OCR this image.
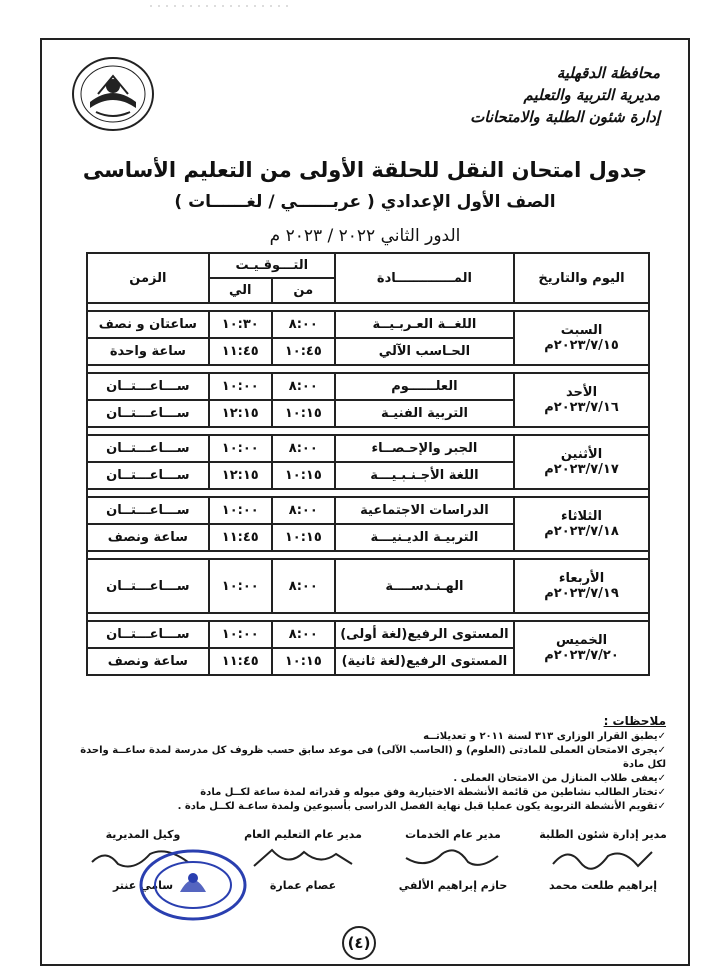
محافظة الدقهلية
مديرية التربية والتعليم
إدارة شئون الطلبة والامتحانات
جدول امتحان النقل للحلقة الأولى من التعليم الأساسى
الصف الأول الإعدادي ( عربــــــي / لغــــــات )
الدور الثاني ٢٠٢٢ / ٢٠٢٣ م
اليوم والتاريخ	المـــــــــــــادة	التـــوقـيـت		الزمن
		من	الي	

السبت
٢٠٢٣/٧/١٥م	اللغــة العـربـيــة	٨:٠٠	١٠:٣٠	ساعتان و نصف
	الحـاسب الآلي	١٠:٤٥	١١:٤٥	ساعة واحدة

الأحد
٢٠٢٣/٧/١٦م	العلــــــوم	٨:٠٠	١٠:٠٠	ســـاعـــتــان
	التربية الفنيـة	١٠:١٥	١٢:١٥	ســـاعـــتــان

الأثنين
٢٠٢٣/٧/١٧م	الجبر والإحـصــاء	٨:٠٠	١٠:٠٠	ســـاعـــتــان
	اللغة الأجـنـبـيـــة	١٠:١٥	١٢:١٥	ســـاعـــتــان

الثلاثاء
٢٠٢٣/٧/١٨م	الدراسات الاجتماعية	٨:٠٠	١٠:٠٠	ســـاعـــتــان
	التربيـة الديـنيـــة	١٠:١٥	١١:٤٥	ساعة ونصف

الأربعاء
٢٠٢٣/٧/١٩م	الهـنـدســــة	٨:٠٠	١٠:٠٠	ســـاعـــتــان

الخميس
٢٠٢٣/٧/٢٠م	المستوى الرفيع(لغة أولى)	٨:٠٠	١٠:٠٠	ســـاعـــتــان
	المستوى الرفيع(لغة ثانية)	١٠:١٥	١١:٤٥	ساعة ونصف
ملاحظات :
✓ يطبق القرار الوزارى ٣١٣ لسنة ٢٠١١ و تعديلاتــه
✓ يجرى الامتحان العملى للمادتى (العلوم) و (الحاسب الآلى) فى موعد سابق حسب ظروف كل مدرسة لمدة ساعــة واحدة لكل مادة
✓ يعفى طلاب المنازل من الامتحان العملى .
✓ تختار الطالب نشاطين من قائمة الأنشطة الاختيارية وفق ميوله و قدراته لمدة ساعة لكــل مادة
✓ تقويم الأنشطة التربوية يكون عمليا قبل نهاية الفصل الدراسى بأسبوعين ولمدة ساعـة لكــل مادة .
مدير إدارة شئون الطلبة
إبراهيم طلعت محمد
مدير عام الخدمات
حازم إبراهيم الألفي
مدير عام التعليم العام
عصام عمارة
وكيل المديرية
سامي عنتر
(٤)
